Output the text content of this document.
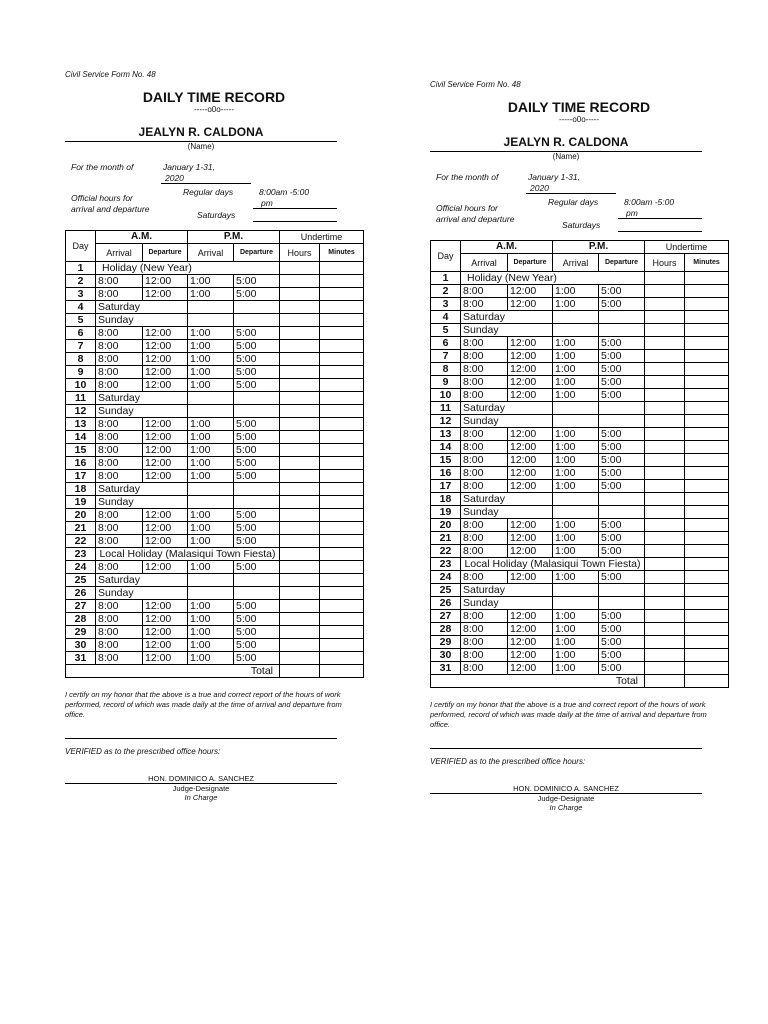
Civil Service Form No. 48
DAILY TIME RECORD
-----o0o-----
JEALYN R. CALDONA
(Name)
For the month of	January 1-31,
2020
Regular days	8:00am -5:00
pm
Official hours for
arrival and departure
Saturdays
Day	A.M.		P.M.		Undertime	
	Arrival	Departure	Arrival	Departure	Hours	Minutes
1	Holiday (New Year)					
2	8:00	12:00	1:00	5:00		
3	8:00	12:00	1:00	5:00		
4	Saturday					
5	Sunday					
6	8:00	12:00	1:00	5:00		
7	8:00	12:00	1:00	5:00		
8	8:00	12:00	1:00	5:00		
9	8:00	12:00	1:00	5:00		
10	8:00	12:00	1:00	5:00		
11	Saturday					
12	Sunday					
13	8:00	12:00	1:00	5:00		
14	8:00	12:00	1:00	5:00		
15	8:00	12:00	1:00	5:00		
16	8:00	12:00	1:00	5:00		
17	8:00	12:00	1:00	5:00		
18	Saturday					
19	Sunday					
20	8:00	12:00	1:00	5:00		
21	8:00	12:00	1:00	5:00		
22	8:00	12:00	1:00	5:00		
23	Local Holiday (Malasiqui Town Fiesta)					
24	8:00	12:00	1:00	5:00		
25	Saturday					
26	Sunday					
27	8:00	12:00	1:00	5:00		
28	8:00	12:00	1:00	5:00		
29	8:00	12:00	1:00	5:00		
30	8:00	12:00	1:00	5:00		
31	8:00	12:00	1:00	5:00		
Total						
I certify on my honor that the above is a true and correct report of the hours of work performed, record of which was made daily at the time of arrival and departure from office.
VERIFIED as to the prescribed office hours:
HON. DOMINICO A. SANCHEZ
Judge-Designate
In Charge
Civil Service Form No. 48
DAILY TIME RECORD
-----o0o-----
JEALYN R. CALDONA
(Name)
For the month of	January 1-31,
2020
Regular days	8:00am -5:00
pm
Official hours for
arrival and departure
Saturdays
Day	A.M.		P.M.		Undertime	
	Arrival	Departure	Arrival	Departure	Hours	Minutes
1	Holiday (New Year)					
2	8:00	12:00	1:00	5:00		
3	8:00	12:00	1:00	5:00		
4	Saturday					
5	Sunday					
6	8:00	12:00	1:00	5:00		
7	8:00	12:00	1:00	5:00		
8	8:00	12:00	1:00	5:00		
9	8:00	12:00	1:00	5:00		
10	8:00	12:00	1:00	5:00		
11	Saturday					
12	Sunday					
13	8:00	12:00	1:00	5:00		
14	8:00	12:00	1:00	5:00		
15	8:00	12:00	1:00	5:00		
16	8:00	12:00	1:00	5:00		
17	8:00	12:00	1:00	5:00		
18	Saturday					
19	Sunday					
20	8:00	12:00	1:00	5:00		
21	8:00	12:00	1:00	5:00		
22	8:00	12:00	1:00	5:00		
23	Local Holiday (Malasiqui Town Fiesta)					
24	8:00	12:00	1:00	5:00		
25	Saturday					
26	Sunday					
27	8:00	12:00	1:00	5:00		
28	8:00	12:00	1:00	5:00		
29	8:00	12:00	1:00	5:00		
30	8:00	12:00	1:00	5:00		
31	8:00	12:00	1:00	5:00		
Total						
I certify on my honor that the above is a true and correct report of the hours of work performed, record of which was made daily at the time of arrival and departure from office.
VERIFIED as to the prescribed office hours:
HON. DOMINICO A. SANCHEZ
Judge-Designate
In Charge
